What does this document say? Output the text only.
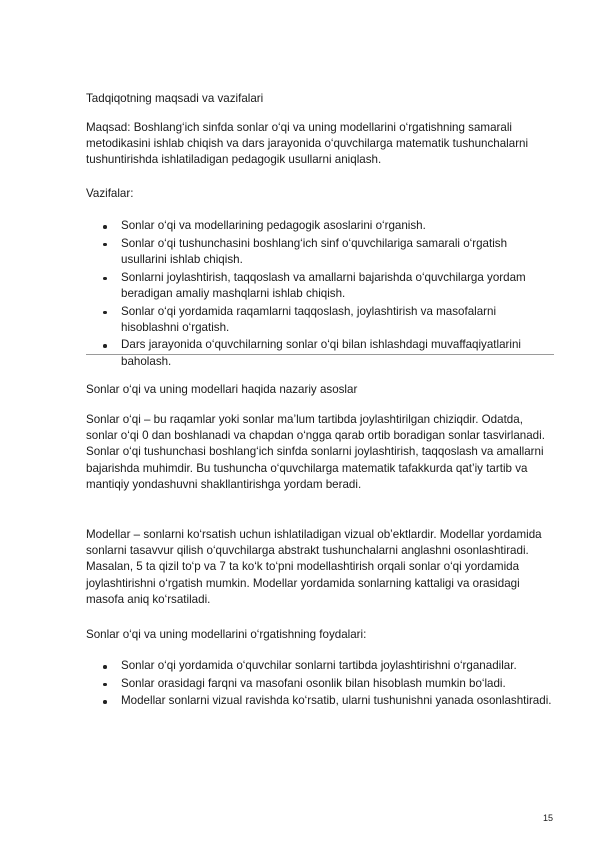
Tadqiqotning maqsadi va vazifalari

Maqsad: Boshlang‘ich sinfda sonlar o‘qi va uning modellarini o‘rgatishning samarali metodikasini ishlab chiqish va dars jarayonida o‘quvchilarga matematik tushunchalarni tushuntirishda ishlatiladigan pedagogik usullarni aniqlash.

Vazifalar:
Sonlar o‘qi va modellarining pedagogik asoslarini o‘rganish.
Sonlar o‘qi tushunchasini boshlang‘ich sinf o‘quvchilariga samarali o‘rgatish usullarini ishlab chiqish.
Sonlarni joylashtirish, taqqoslash va amallarni bajarishda o‘quvchilarga yordam beradigan amaliy mashqlarni ishlab chiqish.
Sonlar o‘qi yordamida raqamlarni taqqoslash, joylashtirish va masofalarni hisoblashni o‘rgatish.
Dars jarayonida o‘quvchilarning sonlar o‘qi bilan ishlashdagi muvaffaqiyatlarini baholash.
Sonlar o‘qi va uning modellari haqida nazariy asoslar

Sonlar o‘qi – bu raqamlar yoki sonlar ma’lum tartibda joylashtirilgan chiziqdir. Odatda, sonlar o‘qi 0 dan boshlanadi va chapdan o‘ngga qarab ortib boradigan sonlar tasvirlanadi. Sonlar o‘qi tushunchasi boshlang‘ich sinfda sonlarni joylashtirish, taqqoslash va amallarni bajarishda muhimdir. Bu tushuncha o‘quvchilarga matematik tafakkurda qat’iy tartib va mantiqiy yondashuvni shakllantirishga yordam beradi.

Modellar – sonlarni ko‘rsatish uchun ishlatiladigan vizual ob’ektlardir. Modellar yordamida sonlarni tasavvur qilish o‘quvchilarga abstrakt tushunchalarni anglashni osonlashtiradi. Masalan, 5 ta qizil to‘p va 7 ta ko‘k to‘pni modellashtirish orqali sonlar o‘qi yordamida joylashtirishni o‘rgatish mumkin. Modellar yordamida sonlarning kattaligi va orasidagi masofa aniq ko‘rsatiladi.

Sonlar o‘qi va uning modellarini o‘rgatishning foydalari:
Sonlar o‘qi yordamida o‘quvchilar sonlarni tartibda joylashtirishni o‘rganadilar.
Sonlar orasidagi farqni va masofani osonlik bilan hisoblash mumkin bo‘ladi.
Modellar sonlarni vizual ravishda ko‘rsatib, ularni tushunishni yanada osonlashtiradi.
15
